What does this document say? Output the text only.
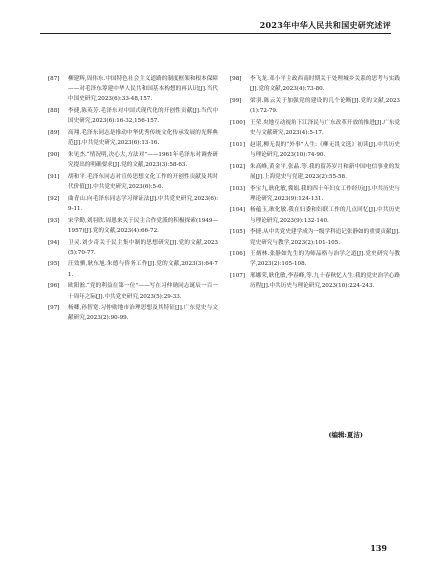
2023年中华人民共和国史研究述评
[87]	柳建辉,周伟东.中国特色社会主义道路的制度框架和根本保障——对毛泽东筹建中华人民共和国基本构想的再认识[J].当代中国史研究,2023(6):33-48,157.
[88]	李捷,陈英芳.毛泽东对中国式现代化的开创性贡献[J].当代中国史研究,2023(6):16-32,156-157.
[89]	高翔.毛泽东同志是推动中华优秀传统文化传承发展的光辉典范[J].中共党史研究,2023(6):13-16.
[90]	朱见杰.“情况明,决心大,方法对”——1961年毛泽东对调查研究提出的明确要求[J].党的文献,2023(3):58-63.
[91]	胡和平.毛泽东同志对宣传思想文化工作的开创性贡献及其时代价值[J].中共党史研究,2023(6):5-6.
[92]	曲青山.向毛泽东同志学习辩证法[J].中共党史研究,2023(6):9-11.
[93]	宋学勤,刘羽欣.周恩来关于民主合作党派的积极探索(1949—1957)[J].党的文献,2023(4):66-72.
[94]	卫灵.刘少奇关于民主集中制的思想研究[J].党的文献,2023(5):70-77.
[95]	汪效驷,耿东旭.朱德与侨务工作[J].党的文献,2023(3):64-71.
[96]	欧阳淞.“党的利益在第一位”——写在习仲勋同志诞辰一百一十周年之际[J].中共党史研究,2023(5):29-33.
[97]	杨卿,孙智宽.习仲勋地市治理思想及其特征[J].广东党史与文献研究,2023(2):90-99.
[98]	李飞龙.邓小平主政西南时期关于处理城乡关系的思考与实践[J].党的文献,2023(4):73-80.
[99]	梁羽.陈云关于加强党的建设的几个论断[J].党的文献,2023(1):72-79.
[100] 王荣.央地互动视角下江泽民与广东改革开放的推进[J].广东党史与文献研究,2023(4):5-17.
[101] 赵谌,柳无畏的“外事”人生:《柳无畏文选》初读[J].中共历史与理论研究,2023(10):74-90.
[102] 朱高峰,黄金平,张晶.等.我的留苏岁月和新中国电信事业的发展[J].上海党史与党建,2023(2):55-58.
[103] 李宝九,耿化敏,冀娟.我的四十年妇女工作经历[J].中共历史与理论研究,2023(9):124-131.
[104] 杨蕴玉,耿化敏.我在妇委和妇联工作的几点回忆[J].中共历史与理论研究,2023(9):132-140.
[105] 李捷.从中共党史建学成为一级学科追记张静如的重要贡献[J].党史研究与教学,2023(2):101-105.
[106] 王炳林.张静如先生的为师品格与治学之道[J].党史研究与教学,2023(2):105-108.
[107] 邢娜荣,耿化敏,李春峰,等.九十春秋忆人生:我的党史治学心路历程[J].中共历史与理论研究,2023(10):224-243.
(编辑:夏洁)
139
